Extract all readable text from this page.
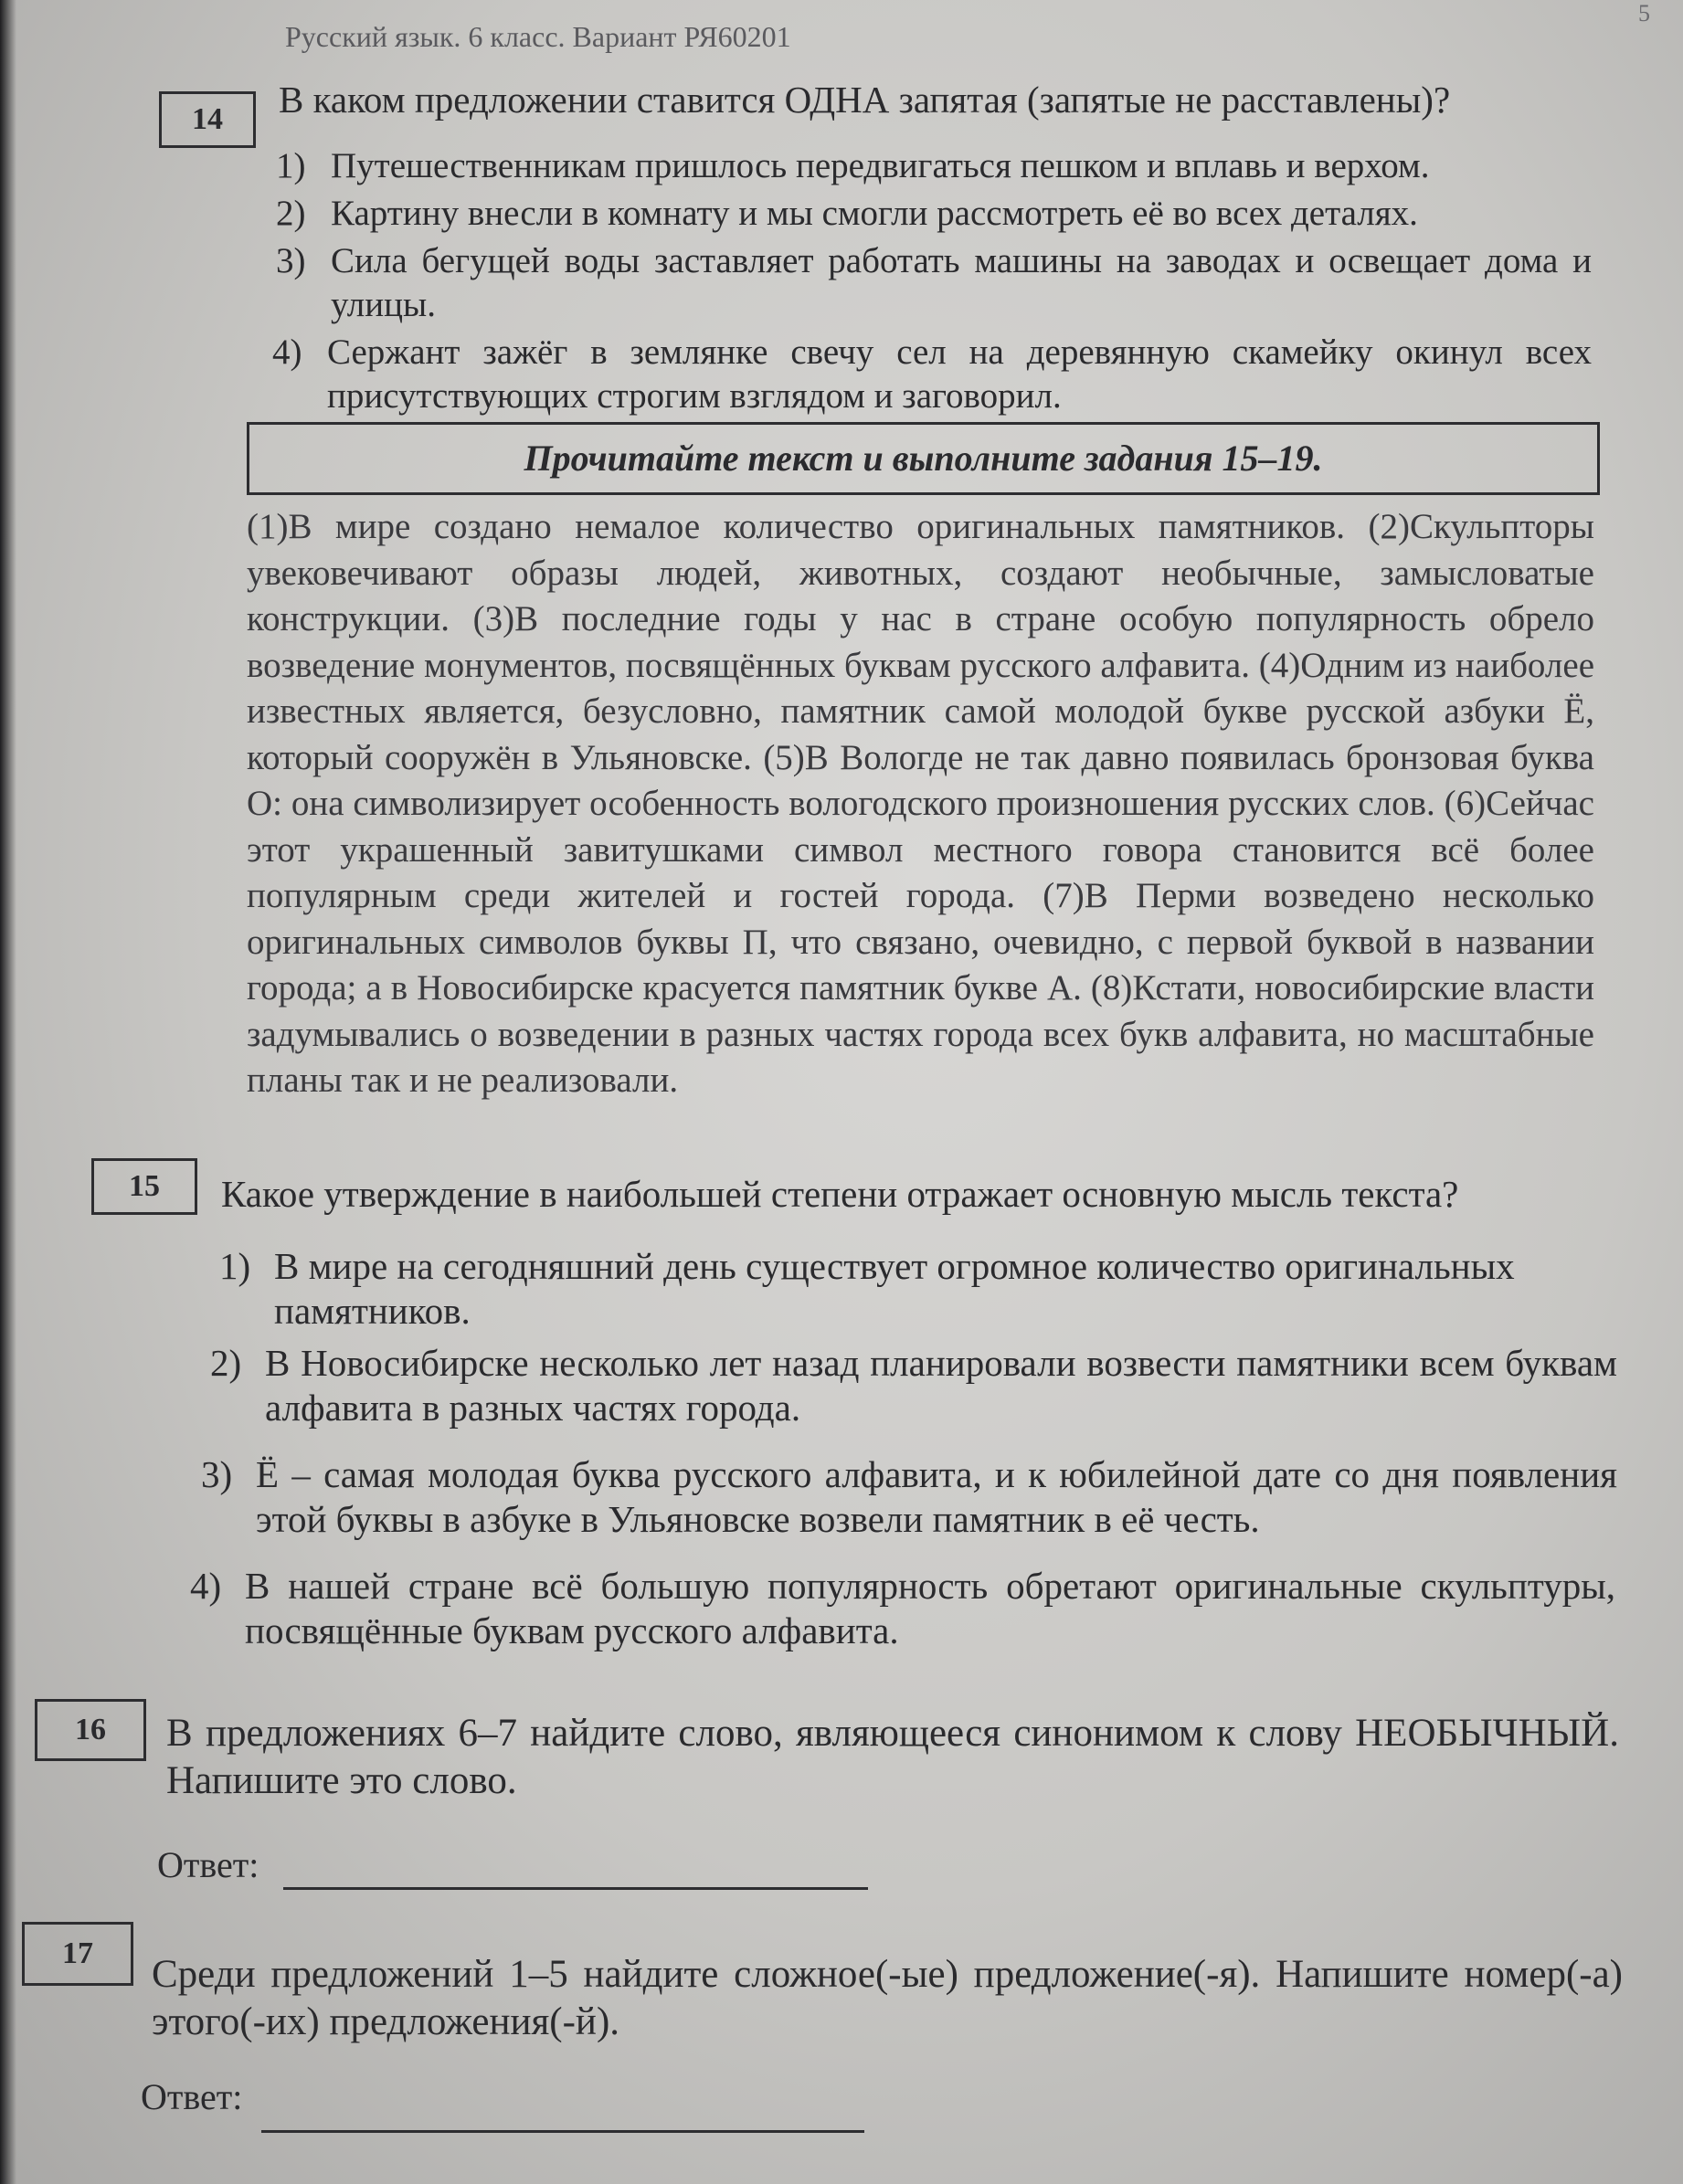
Русский язык. 6 класс. Вариант РЯ60201
5
14	В каком предложении ставится ОДНА запятая (запятые не расставлены)?
1) Путешественникам пришлось передвигаться пешком и вплавь и верхом.
2) Картину внесли в комнату и мы смогли рассмотреть её во всех деталях.
3) Сила бегущей воды заставляет работать машины на заводах и освещает дома и улицы.
4) Сержант зажёг в землянке свечу сел на деревянную скамейку окинул всех присутствующих строгим взглядом и заговорил.
Прочитайте текст и выполните задания 15–19.
(1)В мире создано немалое количество оригинальных памятников. (2)Скульпторы увековечивают образы людей, животных, создают необычные, замысловатые конструкции. (3)В последние годы у нас в стране особую популярность обрело возведение монументов, посвящённых буквам русского алфавита. (4)Одним из наиболее известных является, безусловно, памятник самой молодой букве русской азбуки Ё, который сооружён в Ульяновске. (5)В Вологде не так давно появилась бронзовая буква О: она символизирует особенность вологодского произношения русских слов. (6)Сейчас этот украшенный завитушками символ местного говора становится всё более популярным среди жителей и гостей города. (7)В Перми возведено несколько оригинальных символов буквы П, что связано, очевидно, с первой буквой в названии города; а в Новосибирске красуется памятник букве А. (8)Кстати, новосибирские власти задумывались о возведении в разных частях города всех букв алфавита, но масштабные планы так и не реализовали.
15	Какое утверждение в наибольшей степени отражает основную мысль текста?
1) В мире на сегодняшний день существует огромное количество оригинальных памятников.
2) В Новосибирске несколько лет назад планировали возвести памятники всем буквам алфавита в разных частях города.
3) Ё – самая молодая буква русского алфавита, и к юбилейной дате со дня появления этой буквы в азбуке в Ульяновске возвели памятник в её честь.
4) В нашей стране всё большую популярность обретают оригинальные скульптуры, посвящённые буквам русского алфавита.
16	В предложениях 6–7 найдите слово, являющееся синонимом к слову НЕОБЫЧНЫЙ. Напишите это слово.
Ответ:
17	Среди предложений 1–5 найдите сложное(-ые) предложение(-я). Напишите номер(-а) этого(-их) предложения(-й).
Ответ:
